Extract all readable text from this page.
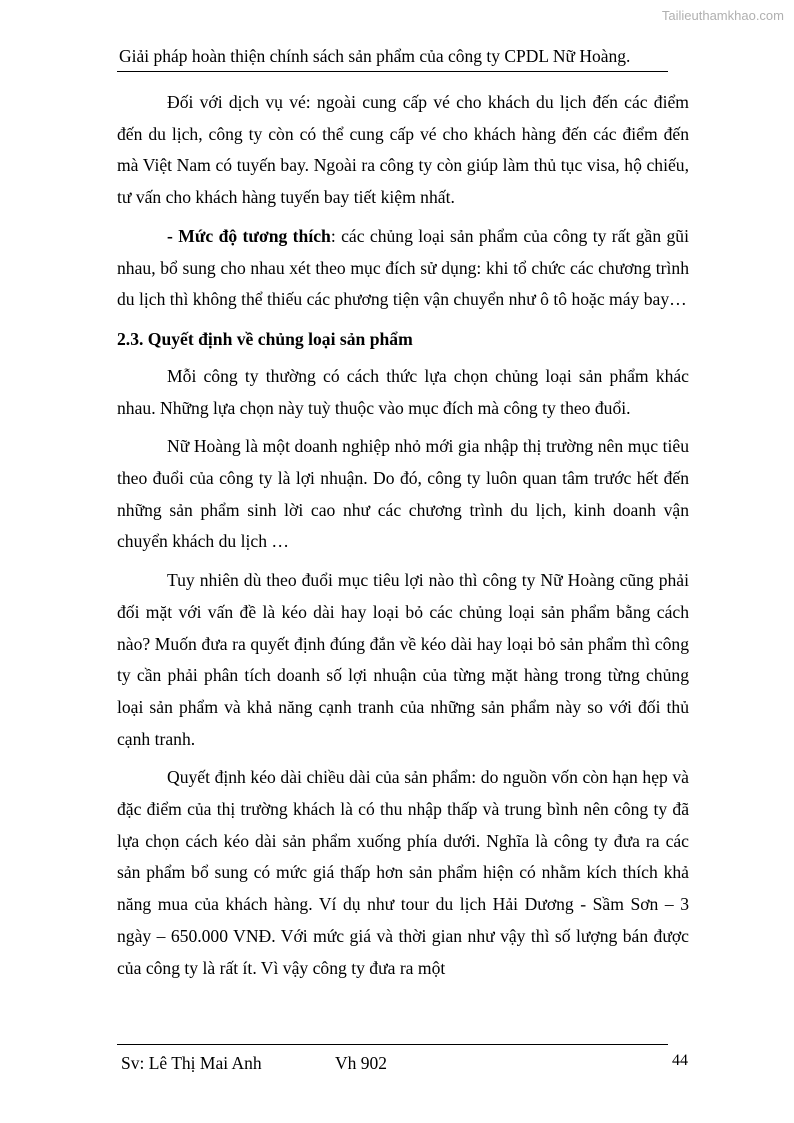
Tailieuthamkhao.com
Giải pháp hoàn thiện chính sách sản phẩm của công ty CPDL Nữ Hoàng.

Đối với dịch vụ vé: ngoài cung cấp vé cho khách du lịch đến các điểm đến du lịch, công ty còn có thể cung cấp vé cho khách hàng đến các điểm đến mà Việt Nam có tuyến bay. Ngoài ra công ty còn giúp làm thủ tục visa, hộ chiếu, tư vấn cho khách hàng tuyến bay tiết kiệm nhất.

- Mức độ tương thích: các chủng loại sản phẩm của công ty rất gần gũi nhau, bổ sung cho nhau xét theo mục đích sử dụng: khi tổ chức các chương trình du lịch thì không thể thiếu các phương tiện vận chuyển như ô tô hoặc máy bay…

2.3. Quyết định về chủng loại sản phẩm

Mỗi công ty thường có cách thức lựa chọn chủng loại sản phẩm khác nhau. Những lựa chọn này tuỳ thuộc vào mục đích mà công ty theo đuổi.

Nữ Hoàng là một doanh nghiệp nhỏ mới gia nhập thị trường nên mục tiêu theo đuổi của công ty là lợi nhuận. Do đó, công ty luôn quan tâm trước hết đến những sản phẩm sinh lời cao như các chương trình du lịch, kinh doanh vận chuyển khách du lịch …

Tuy nhiên dù theo đuổi mục tiêu lợi nào thì công ty Nữ Hoàng cũng phải đối mặt với vấn đề là kéo dài hay loại bỏ các chủng loại sản phẩm bằng cách nào? Muốn đưa ra quyết định đúng đắn về kéo dài hay loại bỏ sản phẩm thì công ty cần phải phân tích doanh số lợi nhuận của từng mặt hàng trong từng chủng loại sản phẩm và khả năng cạnh tranh của những sản phẩm này so với đối thủ cạnh tranh.

Quyết định kéo dài chiều dài của sản phẩm: do nguồn vốn còn hạn hẹp và đặc điểm của thị trường khách là có thu nhập thấp và trung bình nên công ty đã lựa chọn cách kéo dài sản phẩm xuống phía dưới. Nghĩa là công ty đưa ra các sản phẩm bổ sung có mức giá thấp hơn sản phẩm hiện có nhằm kích thích khả năng mua của khách hàng. Ví dụ như tour du lịch Hải Dương - Sầm Sơn – 3 ngày – 650.000 VNĐ. Với mức giá và thời gian như vậy thì số lượng bán được của công ty là rất ít. Vì vậy công ty đưa ra một

Sv: Lê Thị Mai Anh	Vh 902	44
